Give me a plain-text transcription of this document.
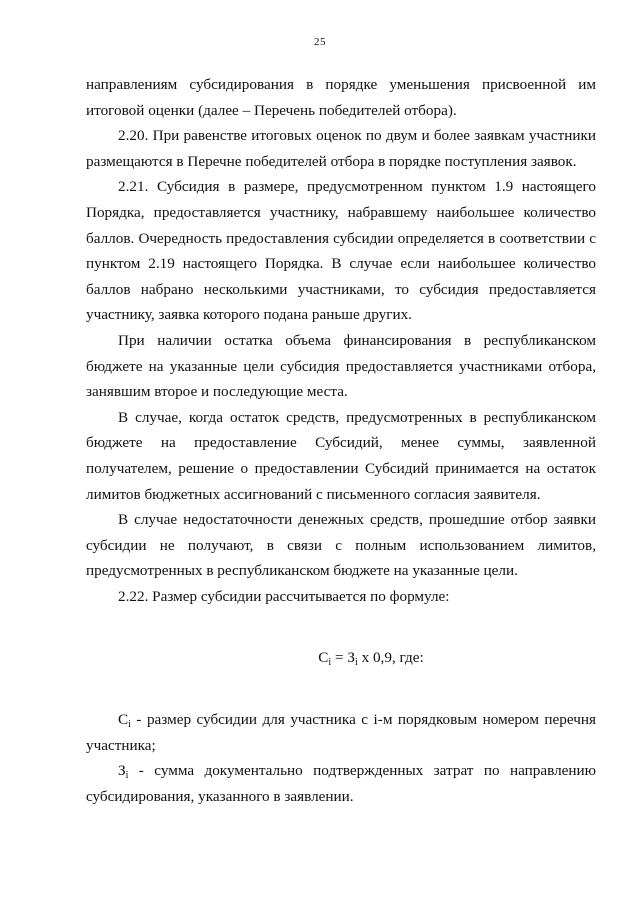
25

направлениям субсидирования в порядке уменьшения присвоенной им итоговой оценки (далее – Перечень победителей отбора).

2.20. При равенстве итоговых оценок по двум и более заявкам участники размещаются в Перечне победителей отбора в порядке поступления заявок.

2.21. Субсидия в размере, предусмотренном пунктом 1.9 настоящего Порядка, предоставляется участнику, набравшему наибольшее количество баллов. Очередность предоставления субсидии определяется в соответствии с пунктом 2.19 настоящего Порядка. В случае если наибольшее количество баллов набрано несколькими участниками, то субсидия предоставляется участнику, заявка которого подана раньше других.

При наличии остатка объема финансирования в республиканском бюджете на указанные цели субсидия предоставляется участниками отбора, занявшим второе и последующие места.

В случае, когда остаток средств, предусмотренных в республиканском бюджете на предоставление Субсидий, менее суммы, заявленной получателем, решение о предоставлении Субсидий принимается на остаток лимитов бюджетных ассигнований с письменного согласия заявителя.

В случае недостаточности денежных средств, прошедшие отбор заявки субсидии не получают, в связи с полным использованием лимитов, предусмотренных в республиканском бюджете на указанные цели.

2.22. Размер субсидии рассчитывается по формуле:

$С_i = З_i$ х 0,9, где:

$С_i$ - размер субсидии для участника с i-м порядковым номером перечня участника;

$З_i$ - сумма документально подтвержденных затрат по направлению субсидирования, указанного в заявлении.
